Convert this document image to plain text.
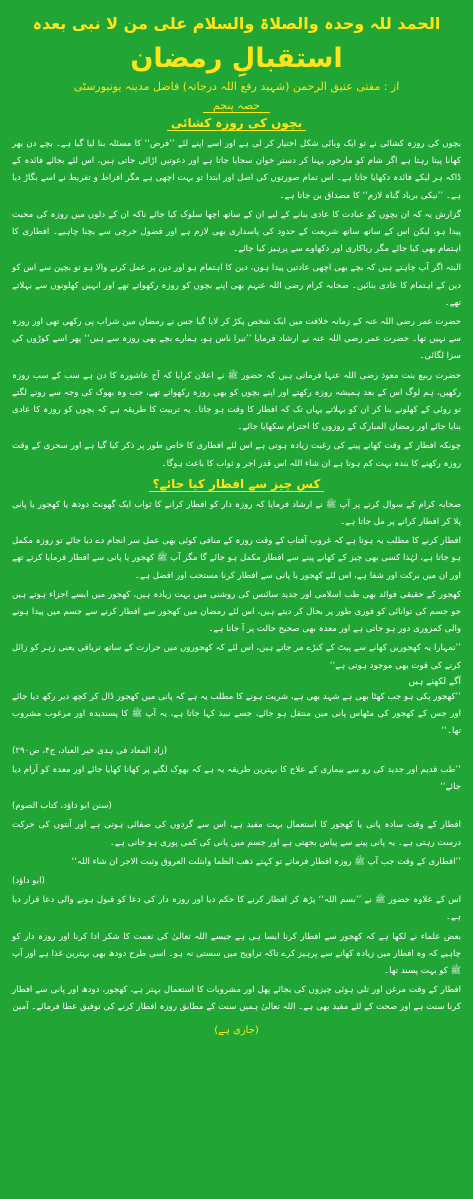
الحمد للہ وحدہ والصلاۃ والسلام علی من لا نبی بعدہ
استقبالِ رمضان
از : مفتی عتیق الرحمن (شہید رفع اللہ درجاتہ) فاضل مدینہ یونیورسٹی
حصہ پنجم
بچوں کی روزہ کشائی

بچوں کی روزہ کشائی نے تو ایک وبائی شکل اختیار کر لی ہے اور اسے اپنے لئے ’’فرض‘‘ کا مسئلہ بنا لیا گیا ہے۔ بچے دن بھر کھانا پیتا رہتا ہے اگر شام کو مارخور یہنا کر دستر خوان سجایا جاتا ہے اور دعوتیں اڑائی جاتی ہیں، اس لئے بجائے فائدہ کے ڈاکہ ہر لیکے فائدہ دکھایا جاتا ہے۔ اس تمام صورتوں کی اصل اور ابتدا تو بہت اچھی ہے مگر افراط و تفریط نے اسے بگاڑ دیا ہے۔ ’’نیکی برباد گناہ لازم‘‘ کا مصداق بن جاتا ہے۔

گزارش یہ کہ ان بچوں کو عبادت کا عادی بنانے کے لیے ان کے ساتھ اچھا سلوک کیا جائے تاکہ ان کے دلوں میں روزہ کی محبت پیدا ہو، لیکن اس کے ساتھ ساتھ شریعت کے حدود کی پاسداری بھی لازم ہے اور فضول خرچی سے بچنا چاہیے۔ افطاری کا اہتمام بھی کیا جائے مگر ریاکاری اور دکھاوے سے پرہیز کیا جائے۔

البتہ اگر آپ چاہتے ہیں کہ بچے بھی اچھی عادتیں پیدا ہوں، دین کا اہتمام ہو اور دین پر عمل کرنے والا ہو تو بچپن سے اس کو دین کے اہتمام کا عادی بنائیں۔ صحابہ کرام رضی اللہ عنہم بھی اپنے بچوں کو روزہ رکھواتے تھے اور انہیں کھلونوں سے بہلاتے تھے۔

حضرت عمر رضی اللہ عنہ کے زمانہ خلافت میں ایک شخص پکڑ کر لایا گیا جس نے رمضان میں شراب پی رکھی تھی اور روزہ سے نہیں تھا۔ حضرت عمر رضی اللہ عنہ نے ارشاد فرمایا ’’تیرا ناس ہو، ہمارے بچے بھی روزہ سے ہیں‘‘ پھر اسے کوڑوں کی سزا لگائی۔

حضرت ربیع بنت معوذ رضی اللہ عنہا فرماتی ہیں کہ حضور ﷺ نے اعلان کرایا کہ آج عاشورہ کا دن ہے سب کے سب روزہ رکھیں، ہم لوگ اس کے بعد ہمیشہ روزہ رکھتے اور اپنے بچوں کو بھی روزہ رکھواتے تھے، جب وہ بھوک کی وجہ سے رونے لگتے تو روئی کے کھلونے بنا کر ان کو بہلاتے یہاں تک کہ افطار کا وقت ہو جاتا۔ یہ تربیت کا طریقہ ہے کہ بچوں کو روزہ کا عادی بنایا جائے اور رمضان المبارک کے روزوں کا احترام سکھایا جائے۔

چونکہ افطار کے وقت کھانے پینے کی رغبت زیادہ ہوتی ہے اس لئے افطاری کا خاص طور پر ذکر کیا گیا ہے اور سحری کے وقت روزہ رکھنے کا بندہ بہت کم ہوتا ہے ان شاء اللہ اس قدر اجر و ثواب کا باعث ہوگا۔

کس چیز سے افطار کیا جائے؟

صحابہ کرام کے سوال کرنے پر آپ ﷺ نے ارشاد فرمایا کہ روزہ دار کو افطار کرانے کا ثواب ایک گھونٹ دودھ یا کھجور یا پانی پلا کر افطار کرانے پر مل جاتا ہے۔

افطار کرنے کا مطلب یہ ہوتا ہے کہ غروب آفتاب کے وقت روزہ کے منافی کوئی بھی عمل سر انجام دے دیا جائے تو روزہ مکمل ہو جاتا ہے، لہٰذا کسی بھی چیز کے کھانے پینے سے افطار مکمل ہو جائے گا مگر آپ ﷺ کھجور یا پانی سے افطار فرمایا کرتے تھے اور ان میں برکت اور شفا ہے، اس لئے کھجور یا پانی سے افطار کرنا مستحب اور افضل ہے۔

کھجور کے حقیقی فوائد بھی طب اسلامی اور جدید سائنس کی روشنی میں بہت زیادہ ہیں، کھجور میں ایسے اجزاء ہوتے ہیں جو جسم کی توانائی کو فوری طور پر بحال کر دیتے ہیں، اس لئے رمضان میں کھجور سے افطار کرنے سے جسم میں پیدا ہونے والی کمزوری دور ہو جاتی ہے اور معدہ بھی صحیح حالت پر آ جاتا ہے۔

’’تمہارا یہ کھجوریں کھانے سے پیٹ کے کیڑے مر جاتے ہیں، اس لئے کہ کھجوروں میں حرارت کے ساتھ تریاقی یعنی زہر کو زائل کرنے کی قوت بھی موجود ہوتی ہے‘‘

آگے لکھتے ہیں

’’کھجور پکی ہو جب کھٹا بھی ہے شہد بھی ہے، شریت ہونے کا مطلب یہ ہے کہ پانی میں کھجور ڈال کر کچھ دیر رکھ دیا جائے اور جس کے کھجور کی مٹھاس پانی میں منتقل ہو جائے، جسے نبیذ کہا جاتا ہے، یہ آپ ﷺ کا پسندیدہ اور مرغوب مشروب تھا۔‘‘

(زاد المعاد فی ہدی خیر العباد، ج۴، ص۲۹۰)

’’طب قدیم اور جدید کی رو سے بیماری کے علاج کا بہترین طریقہ یہ ہے کہ بھوک لگنے پر کھانا کھایا جائے اور معدہ کو آرام دیا جائے‘‘

(سنن ابو داؤد، کتاب الصوم)

افطار کے وقت سادہ پانی یا کھجور کا استعمال بہت مفید ہے، اس سے گردوں کی صفائی ہوتی ہے اور آنتوں کی حرکت درست رہتی ہے۔ یہ پانی پینے سے پیاس بجھتی ہے اور جسم میں پانی کی کمی پوری ہو جاتی ہے۔

’’افطاری کے وقت جب آپ ﷺ روزہ افطار فرماتے تو کہتے ذھب الظما وابتلت العروق وثبت الاجر ان شاء اللہ‘‘

(ابو داؤد)

اس کے علاوہ حضور ﷺ نے ’’بسم اللہ‘‘ پڑھ کر افطار کرنے کا حکم دیا اور روزہ دار کی دعا کو قبول ہونے والی دعا قرار دیا ہے۔

بعض علماء نے لکھا ہے کہ کھجور سے افطار کرنا ایسا ہی ہے جیسے اللہ تعالیٰ کی نعمت کا شکر ادا کرنا اور روزہ دار کو چاہیے کہ وہ افطار میں زیادہ کھانے سے پرہیز کرے تاکہ تراویح میں سستی نہ ہو۔ اسی طرح دودھ بھی بہترین غذا ہے اور آپ ﷺ کو بہت پسند تھا۔

افطار کے وقت مرغن اور تلی ہوئی چیزوں کی بجائے پھل اور مشروبات کا استعمال بہتر ہے، کھجور، دودھ اور پانی سے افطار کرنا سنت ہے اور صحت کے لئے مفید بھی ہے۔ اللہ تعالیٰ ہمیں سنت کے مطابق روزہ افطار کرنے کی توفیق عطا فرمائے۔ آمین

(جاری ہے)
